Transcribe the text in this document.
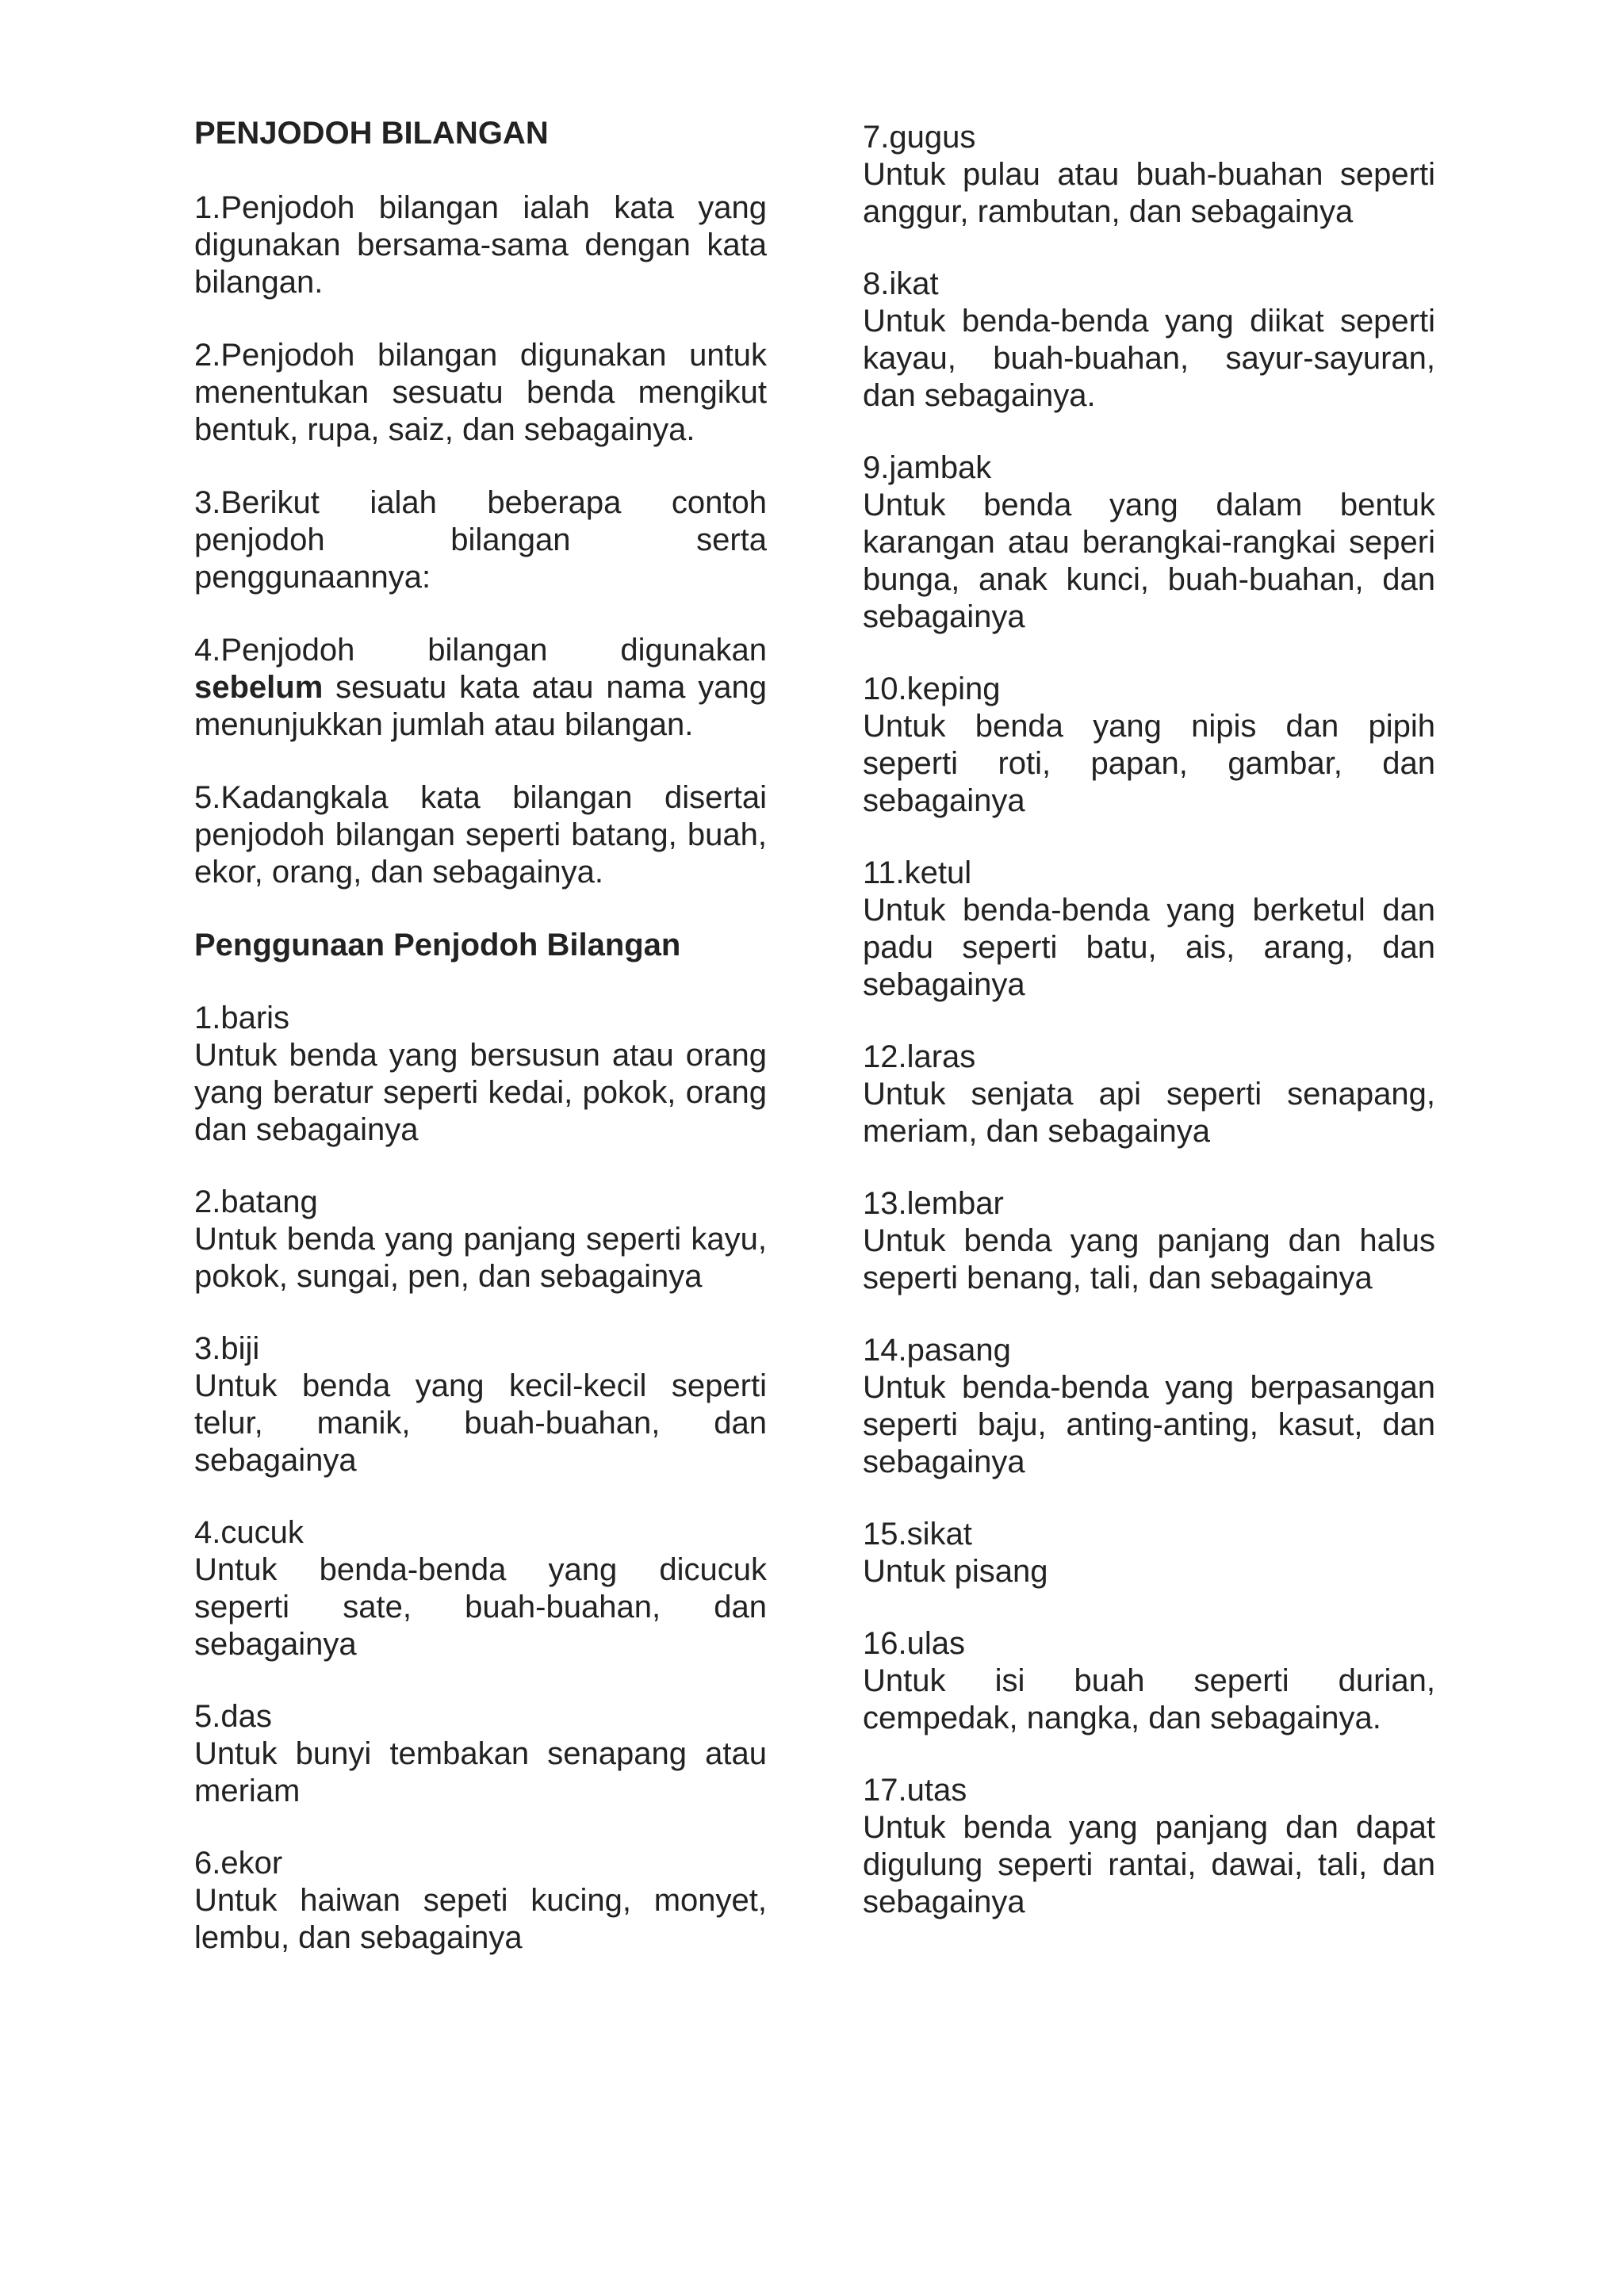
PENJODOH BILANGAN
1.Penjodoh bilangan ialah kata yang digunakan bersama-sama dengan kata bilangan.
2.Penjodoh bilangan digunakan untuk menentukan sesuatu benda mengikut bentuk, rupa, saiz, dan sebagainya.
3.Berikut ialah beberapa contoh penjodoh bilangan serta penggunaannya:
4.Penjodoh bilangan digunakan sebelum sesuatu kata atau nama yang menunjukkan jumlah atau bilangan.
5.Kadangkala kata bilangan disertai penjodoh bilangan seperti batang, buah, ekor, orang, dan sebagainya.
Penggunaan Penjodoh Bilangan
1.baris
Untuk benda yang bersusun atau orang yang beratur seperti kedai, pokok, orang dan sebagainya
2.batang
Untuk benda yang panjang seperti kayu, pokok, sungai, pen, dan sebagainya
3.biji
Untuk benda yang kecil-kecil seperti telur, manik, buah-buahan, dan sebagainya
4.cucuk
Untuk benda-benda yang dicucuk seperti sate, buah-buahan, dan sebagainya
5.das
Untuk bunyi tembakan senapang atau meriam
6.ekor
Untuk haiwan sepeti kucing, monyet, lembu, dan sebagainya
7.gugus
Untuk pulau atau buah-buahan seperti anggur, rambutan, dan sebagainya
8.ikat
Untuk benda-benda yang diikat seperti kayau, buah-buahan, sayur-sayuran, dan sebagainya.
9.jambak
Untuk benda yang dalam bentuk karangan atau berangkai-rangkai seperi bunga, anak kunci, buah-buahan, dan sebagainya
10.keping
Untuk benda yang nipis dan pipih seperti roti, papan, gambar, dan sebagainya
11.ketul
Untuk benda-benda yang berketul dan padu seperti batu, ais, arang, dan sebagainya
12.laras
Untuk senjata api seperti senapang, meriam, dan sebagainya
13.lembar
Untuk benda yang panjang dan halus seperti benang, tali, dan sebagainya
14.pasang
Untuk benda-benda yang berpasangan seperti baju, anting-anting, kasut, dan sebagainya
15.sikat
Untuk pisang
16.ulas
Untuk isi buah seperti durian, cempedak, nangka, dan sebagainya.
17.utas
Untuk benda yang panjang dan dapat digulung seperti rantai, dawai, tali, dan sebagainya
